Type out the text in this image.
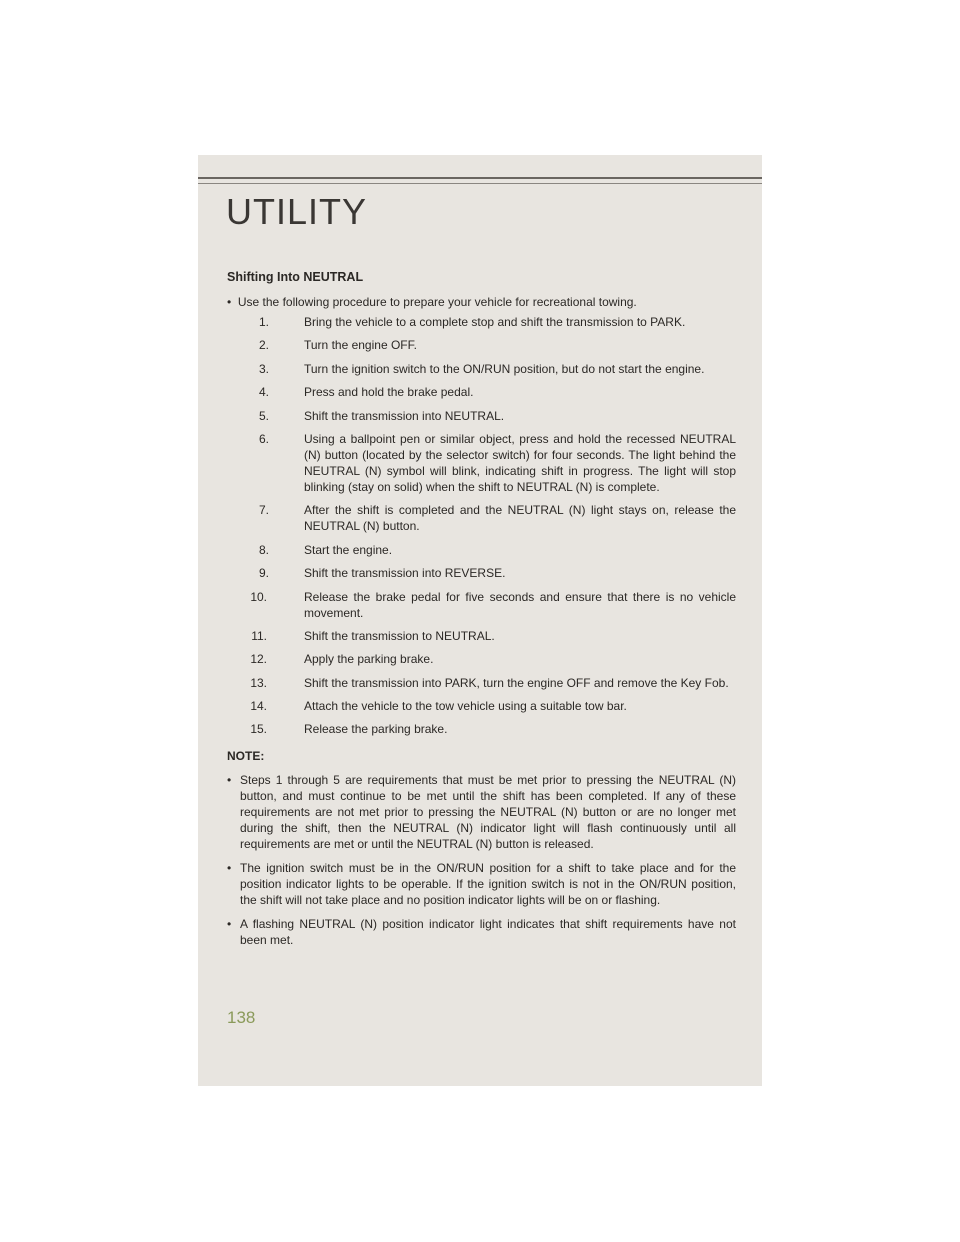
UTILITY

Shifting Into NEUTRAL

•  Use the following procedure to prepare your vehicle for recreational towing.

1.	Bring the vehicle to a complete stop and shift the transmission to PARK.
2.	Turn the engine OFF.
3.	Turn the ignition switch to the ON/RUN position, but do not start the engine.
4.	Press and hold the brake pedal.
5.	Shift the transmission into NEUTRAL.
6.	Using a ballpoint pen or similar object, press and hold the recessed NEUTRAL (N) button (located by the selector switch) for four seconds. The light behind the NEUTRAL (N) symbol will blink, indicating shift in progress. The light will stop blinking (stay on solid) when the shift to NEUTRAL (N) is complete.
7.	After the shift is completed and the NEUTRAL (N) light stays on, release the NEUTRAL (N) button.
8.	Start the engine.
9.	Shift the transmission into REVERSE.
10.	Release the brake pedal for five seconds and ensure that there is no vehicle movement.
11.	Shift the transmission to NEUTRAL.
12.	Apply the parking brake.
13.	Shift the transmission into PARK, turn the engine OFF and remove the Key Fob.
14.	Attach the vehicle to the tow vehicle using a suitable tow bar.
15.	Release the parking brake.

NOTE:

• Steps 1 through 5 are requirements that must be met prior to pressing the NEUTRAL (N) button, and must continue to be met until the shift has been completed. If any of these requirements are not met prior to pressing the NEUTRAL (N) button or are no longer met during the shift, then the NEUTRAL (N) indicator light will flash continuously until all requirements are met or until the NEUTRAL (N) button is released.
• The ignition switch must be in the ON/RUN position for a shift to take place and for the position indicator lights to be operable. If the ignition switch is not in the ON/RUN position, the shift will not take place and no position indicator lights will be on or flashing.
• A flashing NEUTRAL (N) position indicator light indicates that shift requirements have not been met.
138
